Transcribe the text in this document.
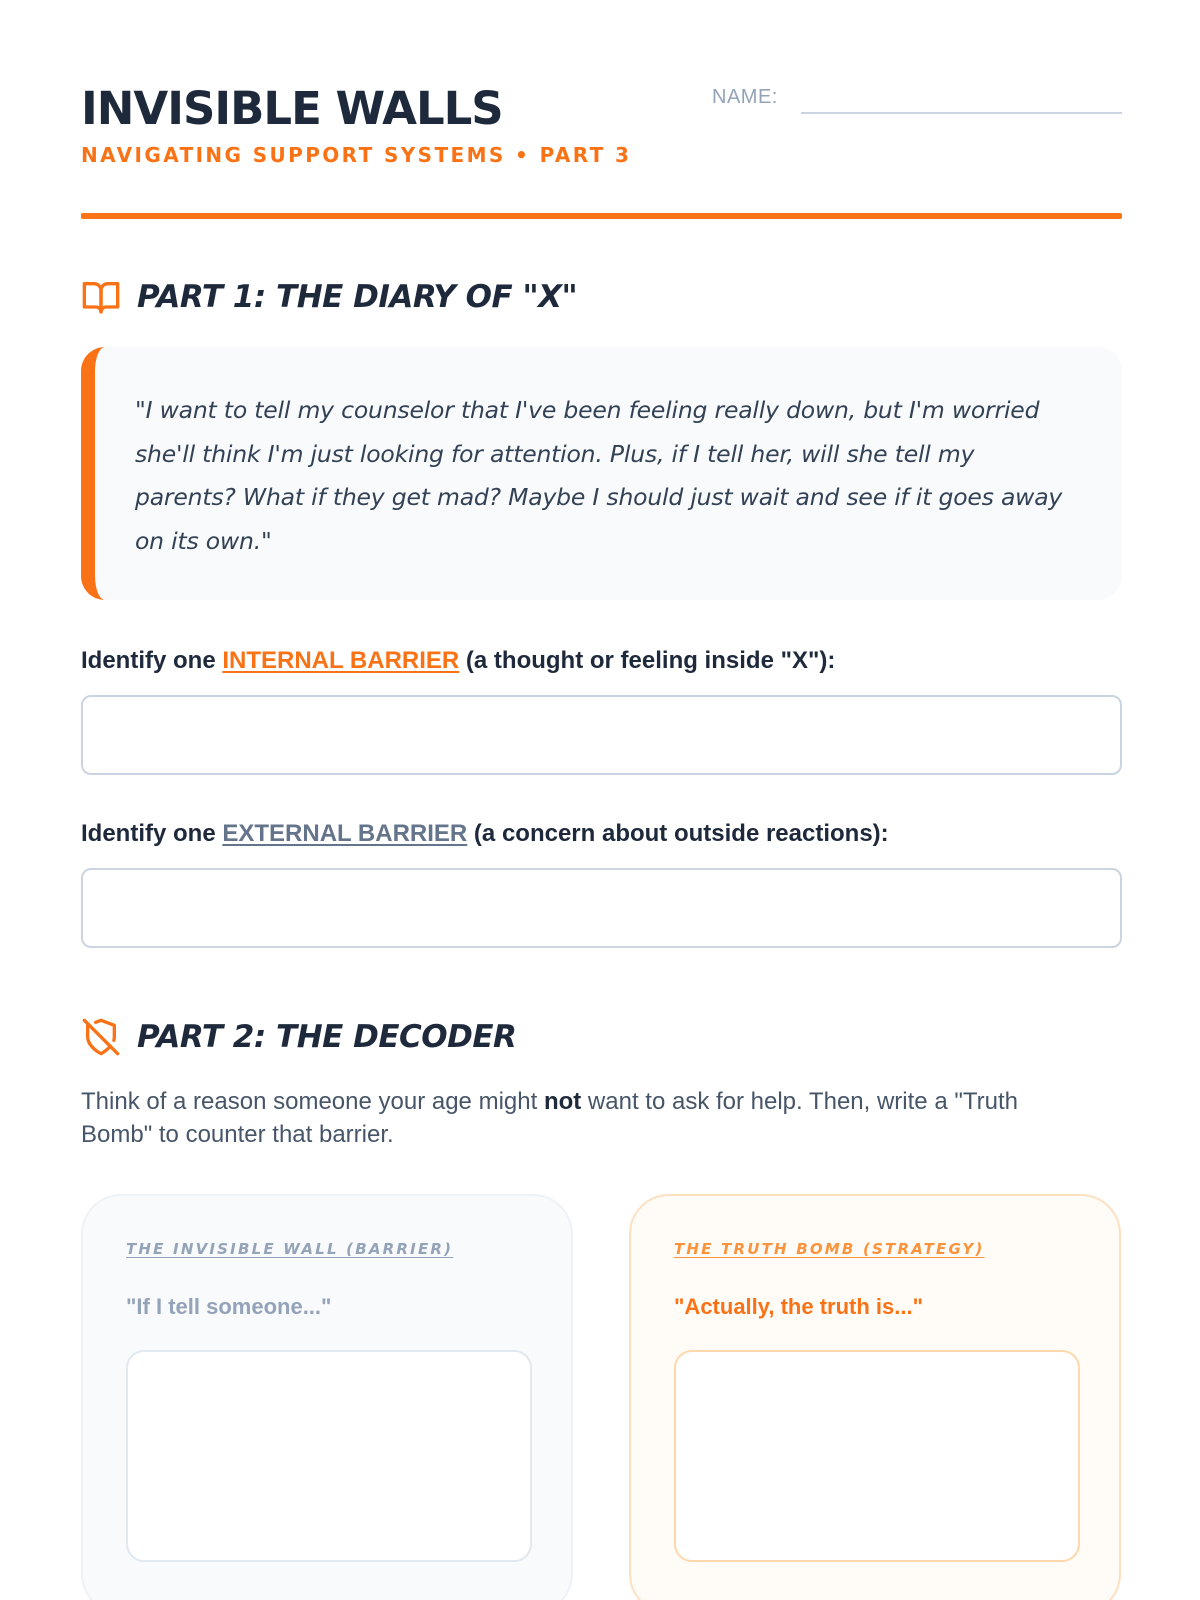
INVISIBLE WALLS
NAVIGATING SUPPORT SYSTEMS • PART 3
NAME:
PART 1: THE DIARY OF "X"

"I want to tell my counselor that I've been feeling really down, but I'm worried she'll think I'm just looking for attention. Plus, if I tell her, will she tell my parents? What if they get mad? Maybe I should just wait and see if it goes away on its own."

Identify one INTERNAL BARRIER (a thought or feeling inside "X"):
Identify one EXTERNAL BARRIER (a concern about outside reactions):
PART 2: THE DECODER

Think of a reason someone your age might not want to ask for help. Then, write a "Truth Bomb" to counter that barrier.

THE INVISIBLE WALL (BARRIER)
"If I tell someone..."
THE TRUTH BOMB (STRATEGY)
"Actually, the truth is..."
